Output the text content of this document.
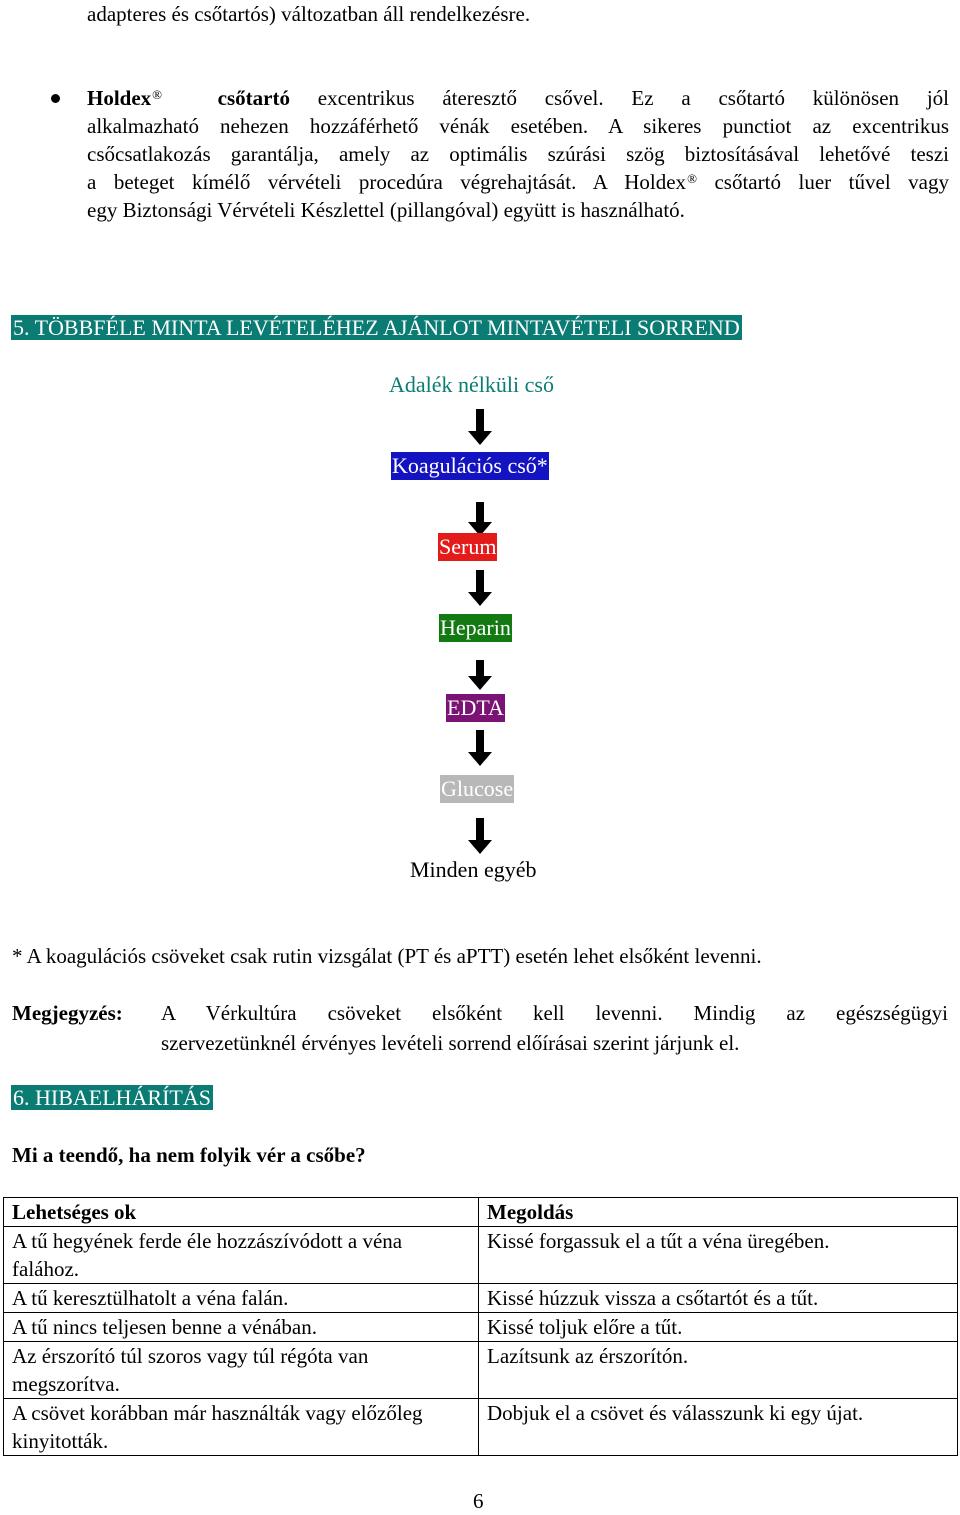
adapteres és csőtartós) változatban áll rendelkezésre.
Holdex®	csőtartó excentrikus áteresztő csővel. Ez a csőtartó különösen jól
alkalmazható nehezen hozzáférhető vénák esetében. A sikeres punctiot az excentrikus
csőcsatlakozás garantálja, amely az optimális szúrási szög biztosításával lehetővé teszi
a beteget kímélő vérvételi procedúra végrehajtását. A Holdex® csőtartó luer tűvel vagy
egy Biztonsági Vérvételi Készlettel (pillangóval) együtt is használható.
5. TÖBBFÉLE MINTA LEVÉTELÉHEZ AJÁNLOT MINTAVÉTELI SORREND
Adalék nélküli cső
Koagulációs cső*
Serum
Heparin
EDTA
Glucose
Minden egyéb
* A koagulációs csöveket csak rutin vizsgálat (PT és aPTT) esetén lehet elsőként levenni.
Megjegyzés: A Vérkultúra csöveket elsőként kell levenni. Mindig az egészségügyi
szervezetünknél érvényes levételi sorrend előírásai szerint járjunk el.
6. HIBAELHÁRÍTÁS
Mi a teendő, ha nem folyik vér a csőbe?
Lehetséges ok	Megoldás
A tű hegyének ferde éle hozzászívódott a véna falához.	Kissé forgassuk el a tűt a véna üregében.
A tű keresztülhatolt a véna falán.	Kissé húzzuk vissza a csőtartót és a tűt.
A tű nincs teljesen benne a vénában.	Kissé toljuk előre a tűt.
Az érszorító túl szoros vagy túl régóta van megszorítva.	Lazítsunk az érszorítón.
A csövet korábban már használták vagy előzőleg kinyitották.	Dobjuk el a csövet és válasszunk ki egy újat.
6
